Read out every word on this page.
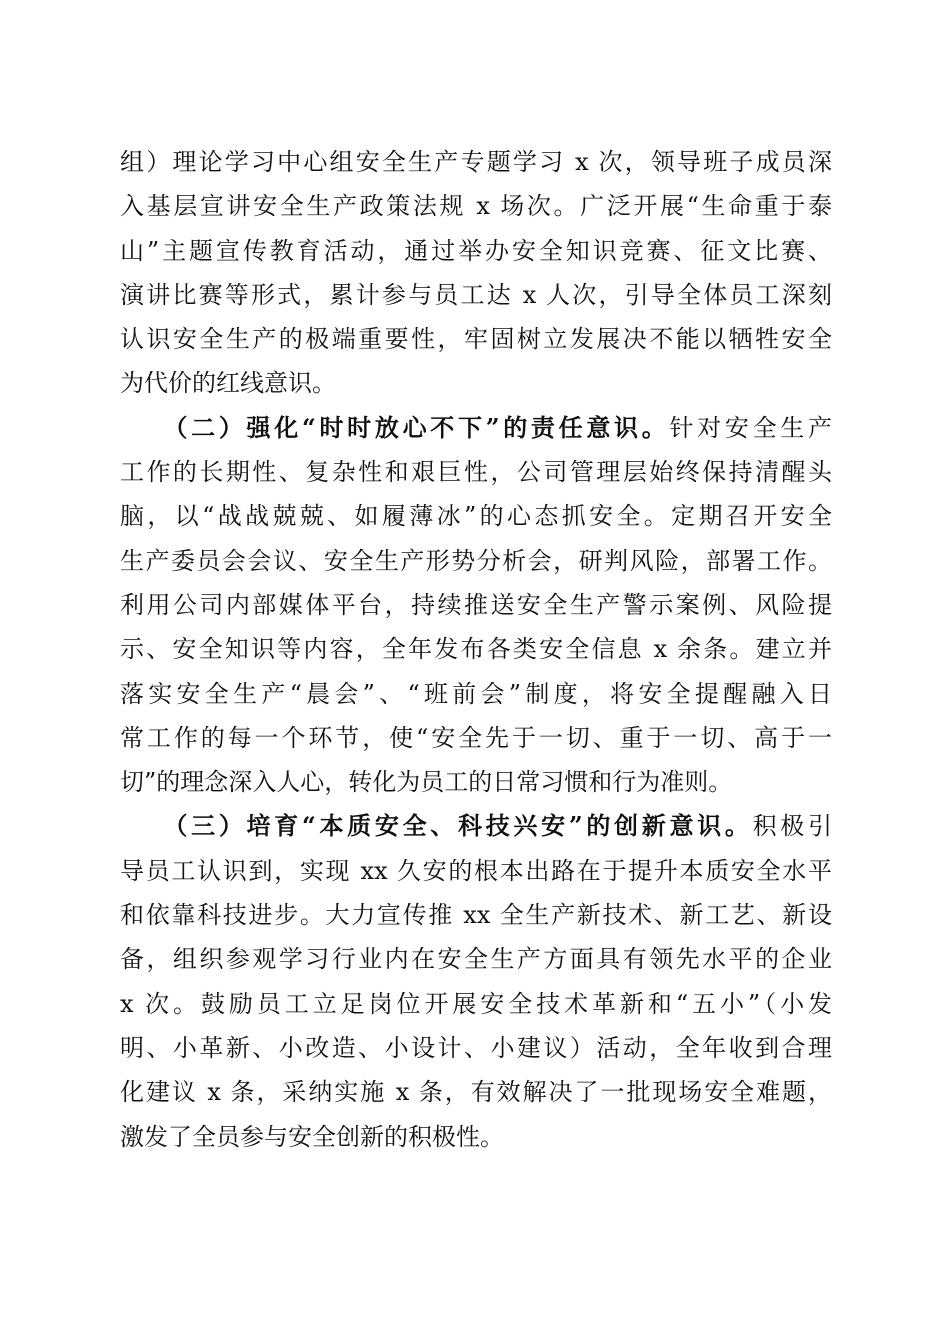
组）理论学习中心组安全生产专题学习 x 次，领导班子成员深
入基层宣讲安全生产政策法规 x 场次。广泛开展“生命重于泰
山”主题宣传教育活动，通过举办安全知识竞赛、征文比赛、
演讲比赛等形式，累计参与员工达 x 人次，引导全体员工深刻
认识安全生产的极端重要性，牢固树立发展决不能以牺牲安全
为代价的红线意识。
　　（二）强化“时时放心不下”的责任意识。针对安全生产
工作的长期性、复杂性和艰巨性，公司管理层始终保持清醒头
脑，以“战战兢兢、如履薄冰”的心态抓安全。定期召开安全
生产委员会会议、安全生产形势分析会，研判风险，部署工作。
利用公司内部媒体平台，持续推送安全生产警示案例、风险提
示、安全知识等内容，全年发布各类安全信息 x 余条。建立并
落实安全生产“晨会”、“班前会”制度，将安全提醒融入日
常工作的每一个环节，使“安全先于一切、重于一切、高于一
切”的理念深入人心，转化为员工的日常习惯和行为准则。
　　（三）培育“本质安全、科技兴安”的创新意识。积极引
导员工认识到，实现 xx 久安的根本出路在于提升本质安全水平
和依靠科技进步。大力宣传推 xx 全生产新技术、新工艺、新设
备，组织参观学习行业内在安全生产方面具有领先水平的企业
x 次。鼓励员工立足岗位开展安全技术革新和“五小”（小发
明、小革新、小改造、小设计、小建议）活动，全年收到合理
化建议 x 条，采纳实施 x 条，有效解决了一批现场安全难题，
激发了全员参与安全创新的积极性。
